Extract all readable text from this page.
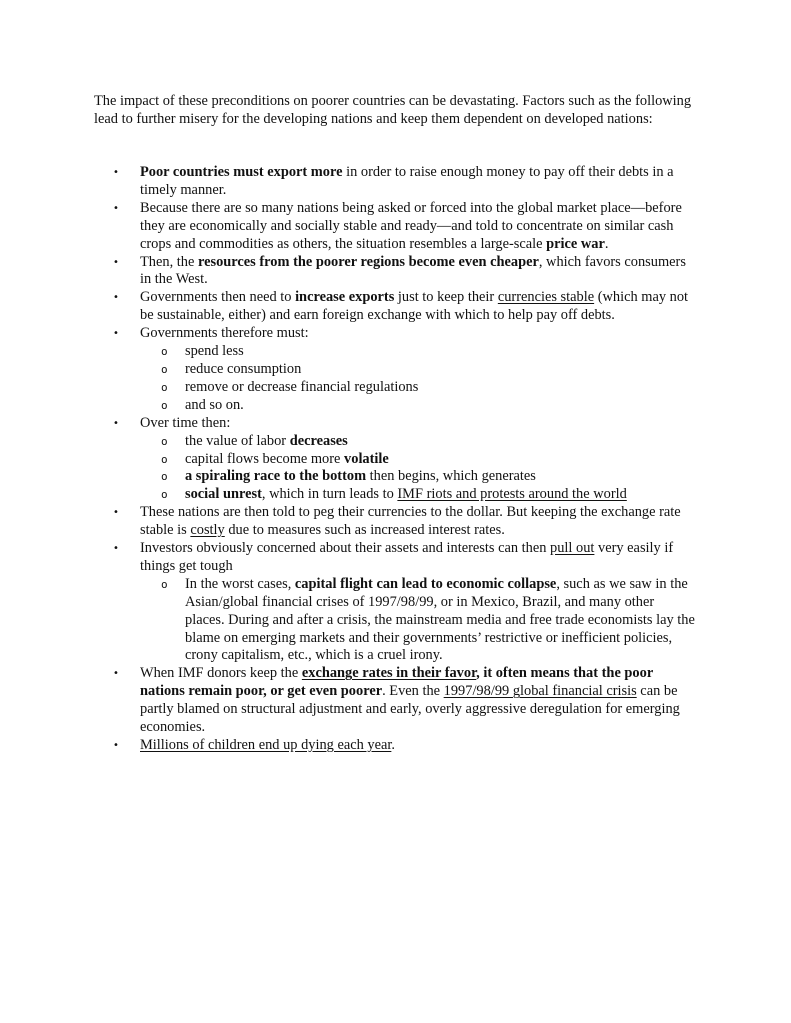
The impact of these preconditions on poorer countries can be devastating. Factors such as the following lead to further misery for the developing nations and keep them dependent on developed nations:

• Poor countries must export more in order to raise enough money to pay off their debts in a timely manner.
• Because there are so many nations being asked or forced into the global market place—before they are economically and socially stable and ready—and told to concentrate on similar cash crops and commodities as others, the situation resembles a large-scale price war.
• Then, the resources from the poorer regions become even cheaper, which favors consumers in the West.
• Governments then need to increase exports just to keep their currencies stable (which may not be sustainable, either) and earn foreign exchange with which to help pay off debts.
• Governments therefore must:
o spend less
o reduce consumption
o remove or decrease financial regulations
o and so on.
• Over time then:
o the value of labor decreases
o capital flows become more volatile
o a spiraling race to the bottom then begins, which generates
o social unrest, which in turn leads to IMF riots and protests around the world
• These nations are then told to peg their currencies to the dollar. But keeping the exchange rate stable is costly due to measures such as increased interest rates.
• Investors obviously concerned about their assets and interests can then pull out very easily if things get tough
o In the worst cases, capital flight can lead to economic collapse, such as we saw in the Asian/global financial crises of 1997/98/99, or in Mexico, Brazil, and many other places. During and after a crisis, the mainstream media and free trade economists lay the blame on emerging markets and their governments’ restrictive or inefficient policies, crony capitalism, etc., which is a cruel irony.
• When IMF donors keep the exchange rates in their favor, it often means that the poor nations remain poor, or get even poorer. Even the 1997/98/99 global financial crisis can be partly blamed on structural adjustment and early, overly aggressive deregulation for emerging economies.
• Millions of children end up dying each year.
